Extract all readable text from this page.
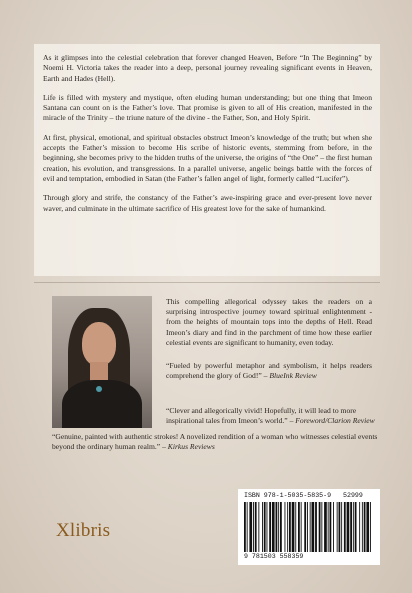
As it glimpses into the celestial celebration that forever changed Heaven, Before “In The Beginning” by Noemi H. Victoria takes the reader into a deep, personal journey revealing significant events in Heaven, Earth and Hades (Hell).

Life is filled with mystery and mystique, often eluding human understanding; but one thing that Imeon Santana can count on is the Father’s love. That promise is given to all of His creation, manifested in the miracle of the Trinity – the triune nature of the divine - the Father, Son, and Holy Spirit.

At first, physical, emotional, and spiritual obstacles obstruct Imeon’s knowledge of the truth; but when she accepts the Father’s mission to become His scribe of historic events, stemming from before, in the beginning, she becomes privy to the hidden truths of the universe, the origins of “the One” – the first human creation, his evolution, and transgressions. In a parallel universe, angelic beings battle with the forces of evil and temptation, embodied in Satan (the Father’s fallen angel of light, formerly called “Lucifer”).

Through glory and strife, the constancy of the Father’s awe-inspiring grace and ever-present love never waver, and culminate in the ultimate sacrifice of His greatest love for the sake of humankind.

This compelling allegorical odyssey takes the readers on a surprising introspective journey toward spiritual enlightenment - from the heights of mountain tops into the depths of Hell. Read Imeon’s diary and find in the parchment of time how these earlier celestial events are significant to humanity, even today.

“Fueled by powerful metaphor and symbolism, it helps readers comprehend the glory of God!” – BlueInk Review

“Clever and allegorically vivid! Hopefully, it will lead to more inspirational tales from Imeon’s world.” – Foreword/Clarion Review

“Genuine, painted with authentic strokes! A novelized rendition of a woman who witnesses celestial events beyond the ordinary human realm.” – Kirkus Reviews

Xlibris
ISBN 978-1-5035-5835-9 52999
9 781503 558359
